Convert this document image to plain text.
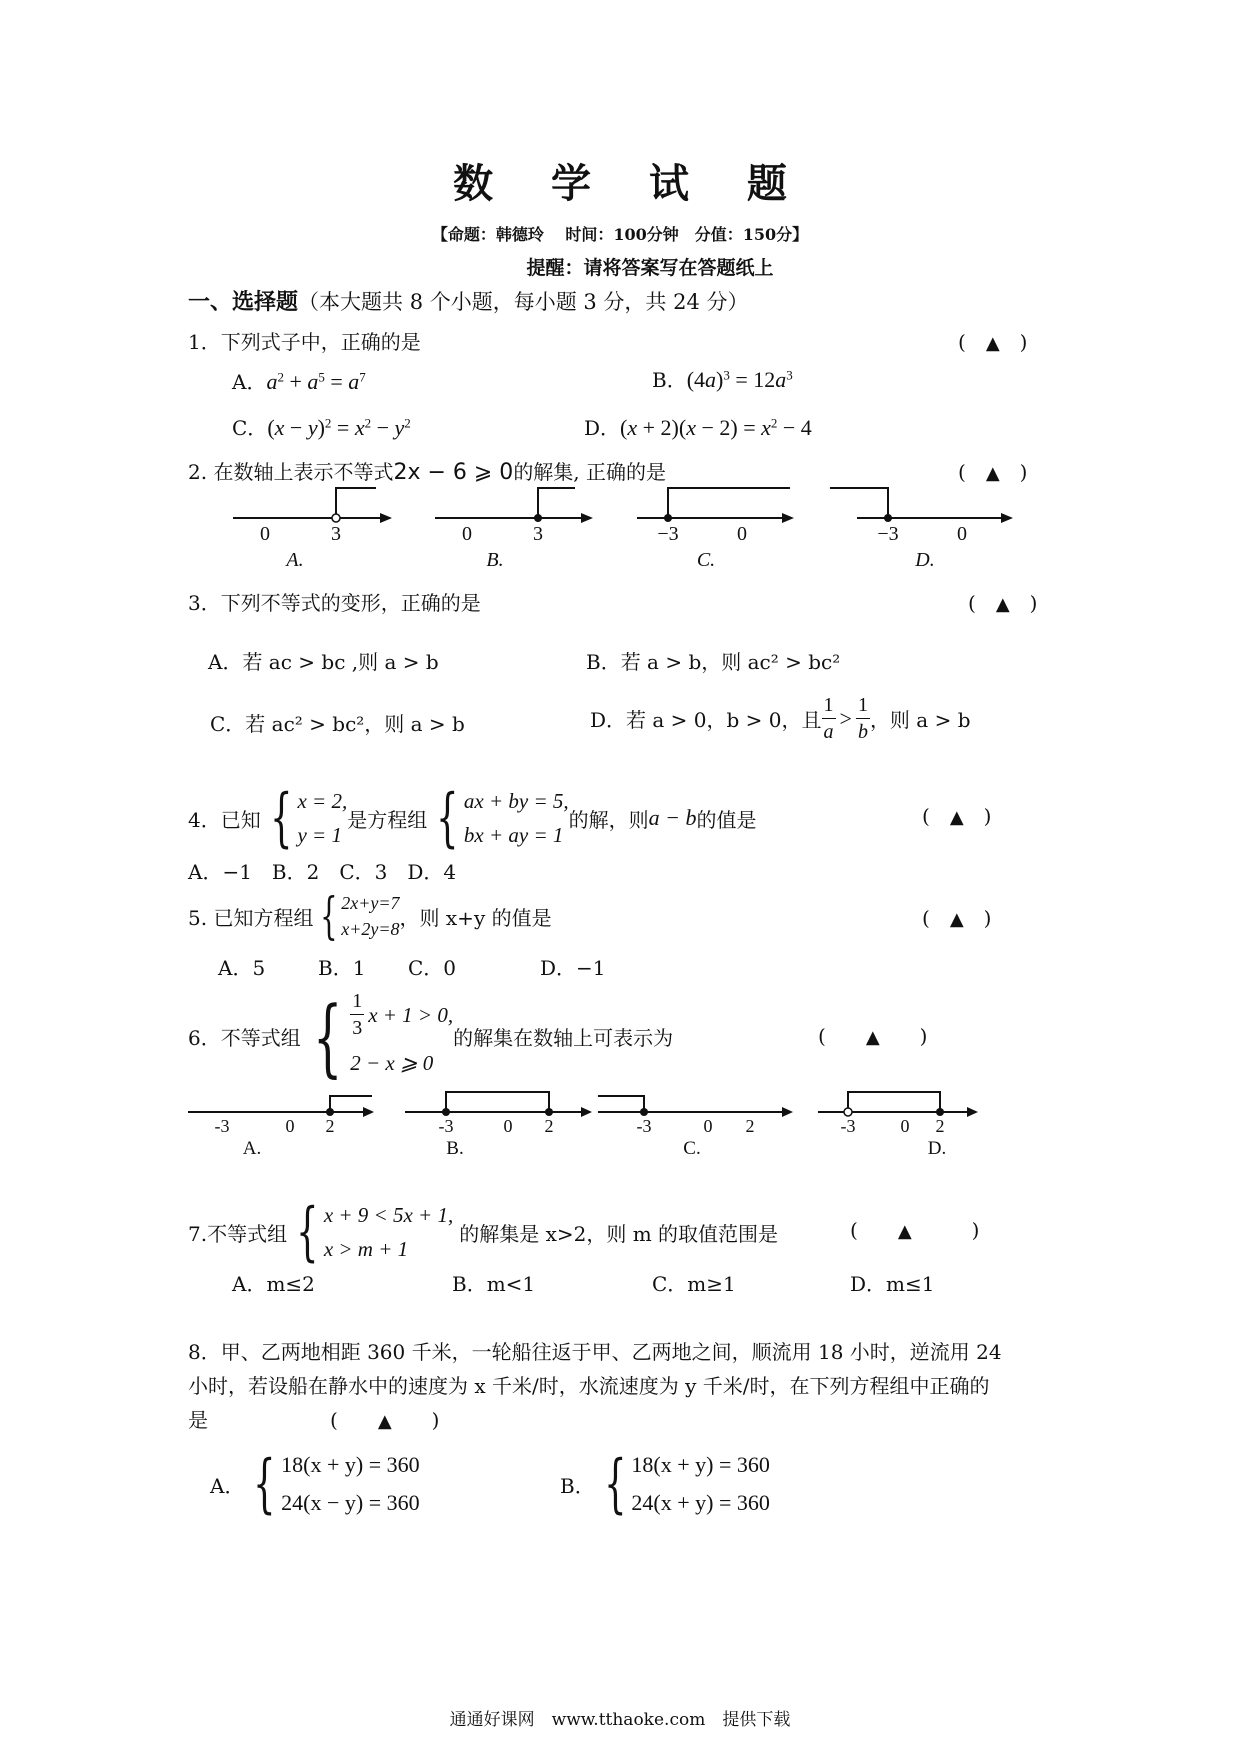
数 学 试 题
【命题：韩德玲　 时间：100分钟　分值：150分】
提醒：请将答案写在答题纸上
一、选择题（本大题共 8 个小题，每小题 3 分，共 24 分）
1．下列式子中，正确的是	(　▲　)
A．$a^2 + a^5 = a^7$	B．$(4a)^3 = 12a^3$
C．$(x - y)^2 = x^2 - y^2$	D．$(x + 2)(x - 2) = x^2 - 4$
2. 在数轴上表示不等式2x − 6 ⩾ 0的解集, 正确的是	(　▲　)
0	3	0	3	−3	0	−3	0
A.	B.	C.	D.
3．下列不等式的变形，正确的是	(　▲　)
A．若 ac > bc ,则 a > b	B．若 a > b，则 ac² > bc²
C．若 ac² > bc²，则 a > b	D．若 a > 0，b > 0，且 $\frac{1}{a} > \frac{1}{b}$ ，则 a > b
4．已知 { x = 2,
y = 1
是方程组 { ax + by = 5,
bx + ay = 1
的解，则 a − b 的值是	(　▲　)
A．−1　B．2　C．3　D．4
5. 已知方程组 { 2x+y=7
x+2y=8 ，则 x+y 的值是	(　▲　)
A．5	B．1 C．0	D．−1
6．不等式组 { $\frac{1}{3}$ x + 1 > 0,
2 − x ⩾ 0
的解集在数轴上可表示为	(　　▲　　)
-3	0 2	-3	0 2	-3	0 2	-3	0 2
A.	B.	C.	D.
7.不等式组 { x + 9 < 5x + 1,
x > m + 1
的解集是 x>2，则 m 的取值范围是	(　　▲　　　)
A．m≤2	B．m<1	C．m≥1	D．m≤1
8．甲、乙两地相距 360 千米，一轮船往返于甲、乙两地之间，顺流用 18 小时，逆流用 24
小时，若设船在静水中的速度为 x 千米/时，水流速度为 y 千米/时，在下列方程组中正确的
是	(　　▲　　)
A． { 18(x + y) = 360
24(x − y) = 360
B． { 18(x + y) = 360
24(x + y) = 360
通通好课网　www.tthaoke.com　提供下载
